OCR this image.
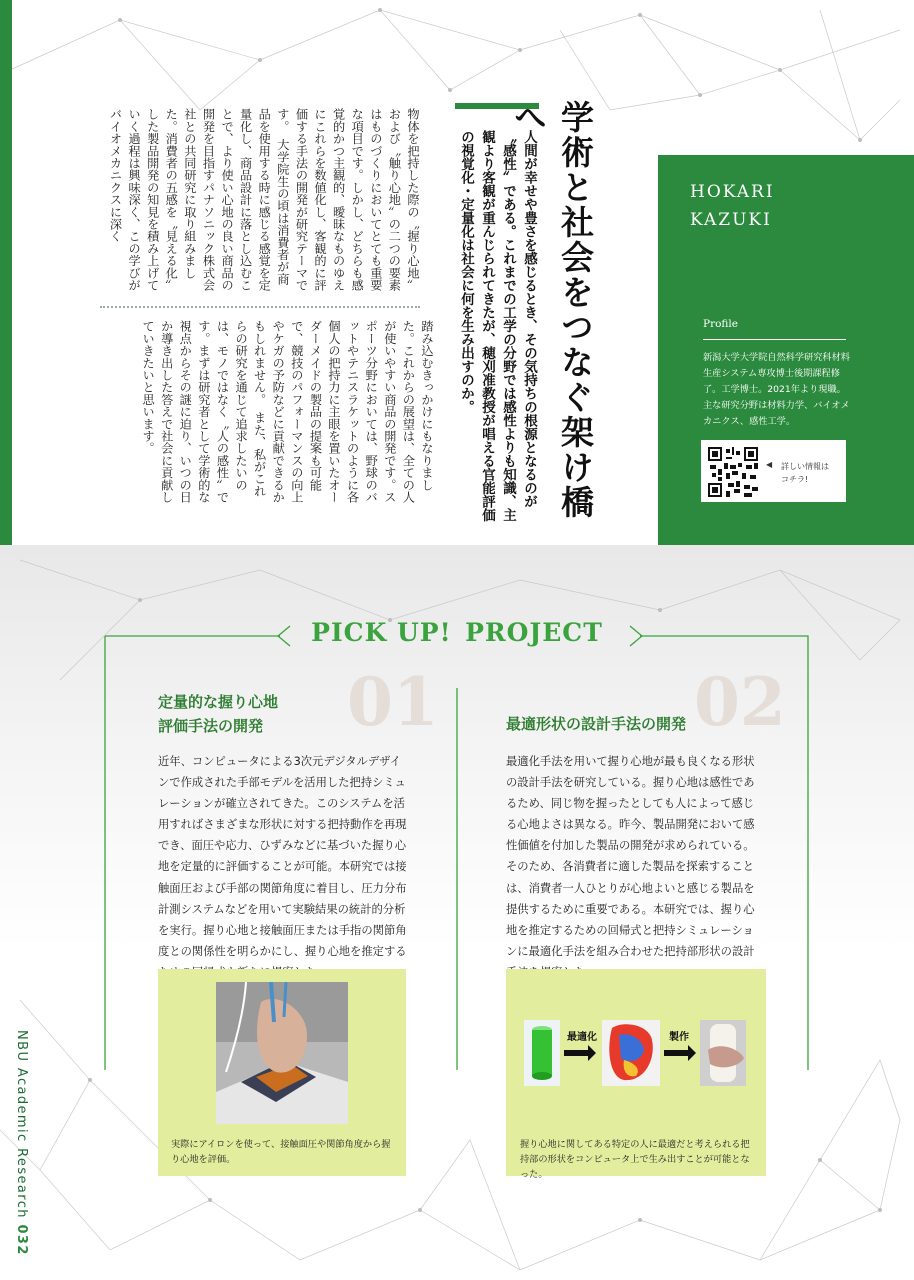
学術と社会をつなぐ架け橋へ
人間が幸せや豊さを感じるとき、その気持ちの根源となるのが〝感性〟である。これまでの工学の分野では感性よりも知識、主観より客観が重んじられてきたが、穂刈准教授が唱える官能評価の視覚化・定量化は社会に何を生み出すのか。
物体を把持した際の〝握り心地〟および〝触り心地〟の二つの要素はものづくりにおいてとても重要な項目です。しかし、どちらも感覚的かつ主観的、曖昧なものゆえにこれらを数値化し、客観的に評価する手法の開発が研究テーマです。　大学院生の頃は消費者が商品を使用する時に感じる感覚を定量化し、商品設計に落とし込むことで、より使い心地の良い商品の開発を目指すパナソニック株式会社との共同研究に取り組みました。消費者の五感を〝見える化〟した製品開発の知見を積み上げていく過程は興味深く、この学びがバイオメカニクスに深く
踏み込むきっかけにもなりました。これからの展望は、全ての人が使いやすい商品の開発です。スポーツ分野においては、野球のバットやテニスラケットのように各個人の把持力に主眼を置いたオーダーメイドの製品の提案も可能で、競技のパフォーマンスの向上やケガの予防などに貢献できるかもしれません。　また、私がこれらの研究を通じて追求したいのは、モノではなく〝人の感性〟です。まずは研究者として学術的な視点からその謎に迫り、いつの日か導き出した答えで社会に貢献していきたいと思います。
HOKARI
KAZUKI
Profile
新潟大学大学院自然科学研究科材料生産システム専攻博士後期課程修了。工学博士。2021年より現職。主な研究分野は材料力学、バイオメカニクス、感性工学。
◀ 詳しい情報は
コチラ!
PICK UP! PROJECT
01
定量的な握り心地
評価手法の開発
近年、コンピュータによる3次元デジタルデザインで作成された手部モデルを活用した把持シミュレーションが確立されてきた。このシステムを活用すればさまざまな形状に対する把持動作を再現でき、面圧や応力、ひずみなどに基づいた握り心地を定量的に評価することが可能。本研究では接触面圧および手部の関節角度に着目し、圧力分布計測システムなどを用いて実験結果の統計的分析を実行。握り心地と接触面圧または手指の関節角度との関係性を明らかにし、握り心地を推定する
02
最適形状の設計手法の開発
最適化手法を用いて握り心地が最も良くなる形状の設計手法を研究している。握り心地は感性であるため、同じ物を握ったとしても人によって感じる心地よさは異なる。昨今、製品開発において感性価値を付加した製品の開発が求められている。そのため、各消費者に適した製品を探索することは、消費者一人ひとりが心地よいと感じる製品を提供するために重要である。本研究では、握り心地を推定するための回帰式と把持シミュレーションに最適化手法を組み合わせた把持部形状の設計
実際にアイロンを使って、接触面圧や関節角度から握り心地を評価。
最適化	製作
握り心地に関してある特定の人に最適だと考えられる把持部の形状をコンピュータ上で生み出すことが可能となった。
NBU Academic Research 032
